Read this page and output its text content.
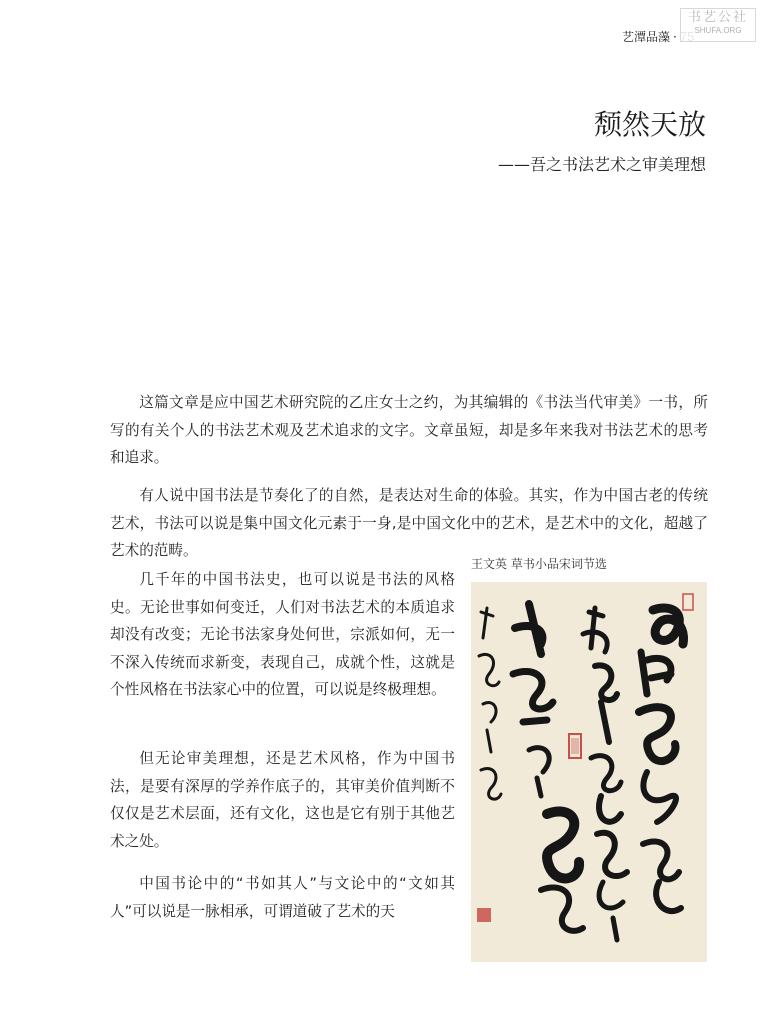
艺潭品藻 ·
书艺公社
SHUFA.ORG
颓然天放
——吾之书法艺术之审美理想

这篇文章是应中国艺术研究院的乙庄女士之约，为其编辑的《书法当代审美》一书，所写的有关个人的书法艺术观及艺术追求的文字。文章虽短，却是多年来我对书法艺术的思考和追求。

有人说中国书法是节奏化了的自然，是表达对生命的体验。其实，作为中国古老的传统艺术，书法可以说是集中国文化元素于一身,是中国文化中的艺术，是艺术中的文化，超越了艺术的范畴。

几千年的中国书法史，也可以说是书法的风格史。无论世事如何变迁，人们对书法艺术的本质追求却没有改变；无论书法家身处何世，宗派如何，无一不深入传统而求新变，表现自己，成就个性，这就是个性风格在书法家心中的位置，可以说是终极理想。

但无论审美理想，还是艺术风格，作为中国书法，是要有深厚的学养作底子的，其审美价值判断不仅仅是艺术层面，还有文化，这也是它有别于其他艺术之处。

中国书论中的“书如其人”与文论中的“文如其人”可以说是一脉相承，可谓道破了艺术的天

王文英 草书小品宋词节选
